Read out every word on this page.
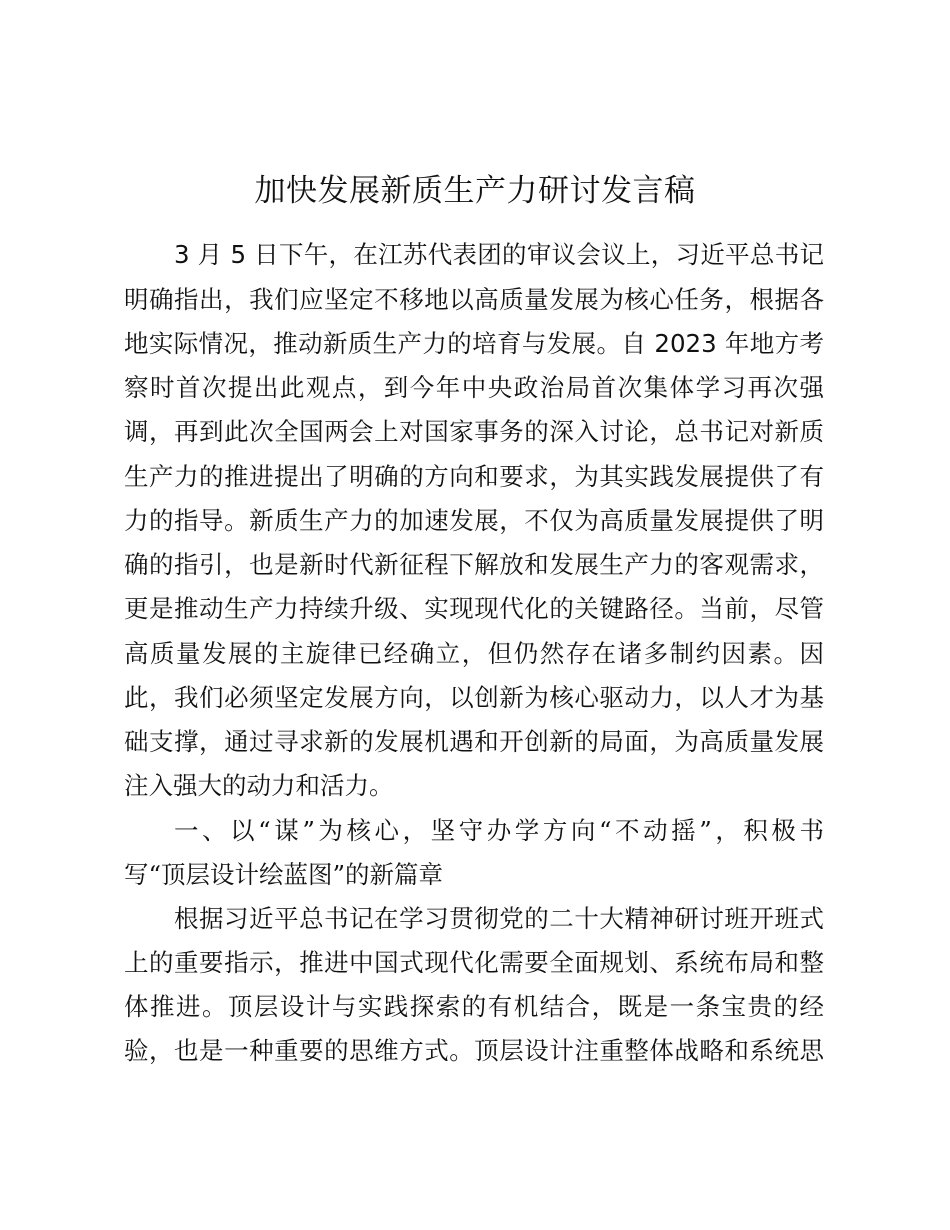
加快发展新质生产力研讨发言稿
3 月 5 日下午，在江苏代表团的审议会议上，习近平总书记
明确指出，我们应坚定不移地以高质量发展为核心任务，根据各
地实际情况，推动新质生产力的培育与发展。自 2023 年地方考
察时首次提出此观点，到今年中央政治局首次集体学习再次强
调，再到此次全国两会上对国家事务的深入讨论，总书记对新质
生产力的推进提出了明确的方向和要求，为其实践发展提供了有
力的指导。新质生产力的加速发展，不仅为高质量发展提供了明
确的指引，也是新时代新征程下解放和发展生产力的客观需求，
更是推动生产力持续升级、实现现代化的关键路径。当前，尽管
高质量发展的主旋律已经确立，但仍然存在诸多制约因素。因
此，我们必须坚定发展方向，以创新为核心驱动力，以人才为基
础支撑，通过寻求新的发展机遇和开创新的局面，为高质量发展
注入强大的动力和活力。
一、以“谋”为核心，坚守办学方向“不动摇”，积极书
写“顶层设计绘蓝图”的新篇章
根据习近平总书记在学习贯彻党的二十大精神研讨班开班式
上的重要指示，推进中国式现代化需要全面规划、系统布局和整
体推进。顶层设计与实践探索的有机结合，既是一条宝贵的经
验，也是一种重要的思维方式。顶层设计注重整体战略和系统思
